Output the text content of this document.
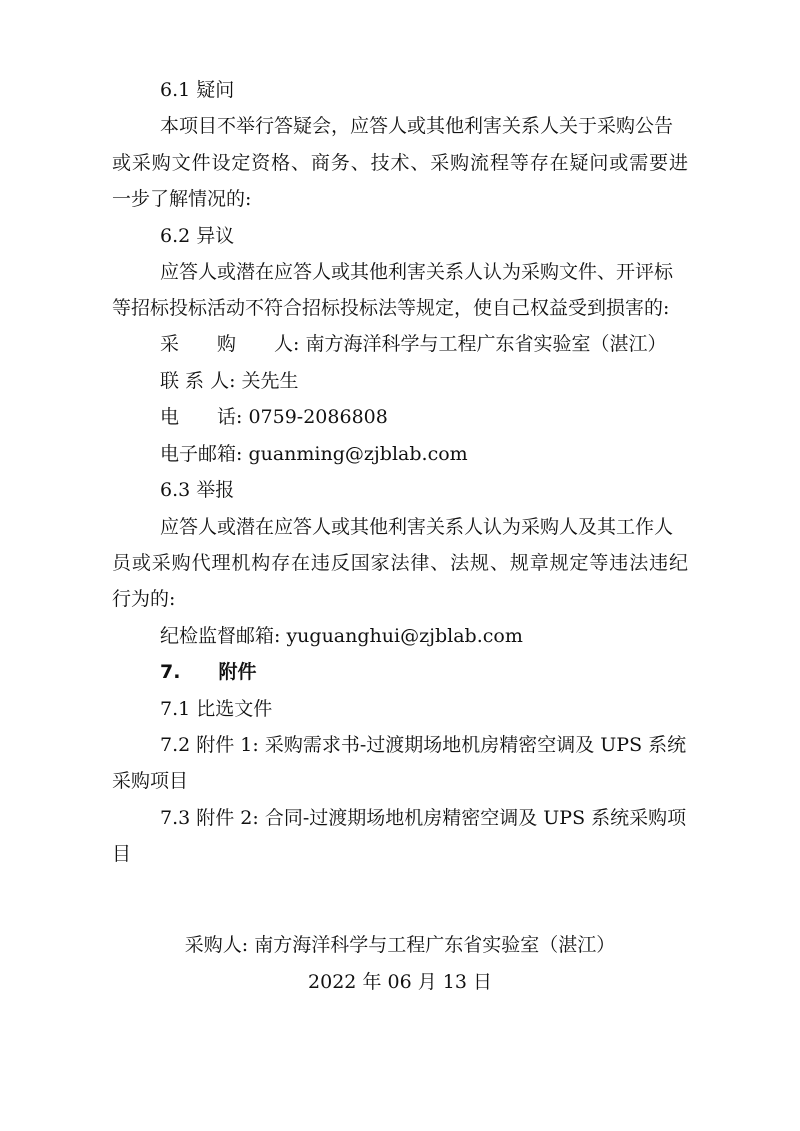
6.1 疑问
本项目不举行答疑会，应答人或其他利害关系人关于采购公告
或采购文件设定资格、商务、技术、采购流程等存在疑问或需要进
一步了解情况的:
6.2 异议
应答人或潜在应答人或其他利害关系人认为采购文件、开评标
等招标投标活动不符合招标投标法等规定，使自己权益受到损害的:
采　　购　　人: 南方海洋科学与工程广东省实验室（湛江）
联 系 人: 关先生
电　　话: 0759-2086808
电子邮箱: guanming@zjblab.com
6.3 举报
应答人或潜在应答人或其他利害关系人认为采购人及其工作人
员或采购代理机构存在违反国家法律、法规、规章规定等违法违纪
行为的:
纪检监督邮箱: yuguanghui@zjblab.com
7.　　附件
7.1 比选文件
7.2 附件 1: 采购需求书-过渡期场地机房精密空调及 UPS 系统
采购项目
7.3 附件 2: 合同-过渡期场地机房精密空调及 UPS 系统采购项
目
采购人: 南方海洋科学与工程广东省实验室（湛江）
2022 年 06 月 13 日
